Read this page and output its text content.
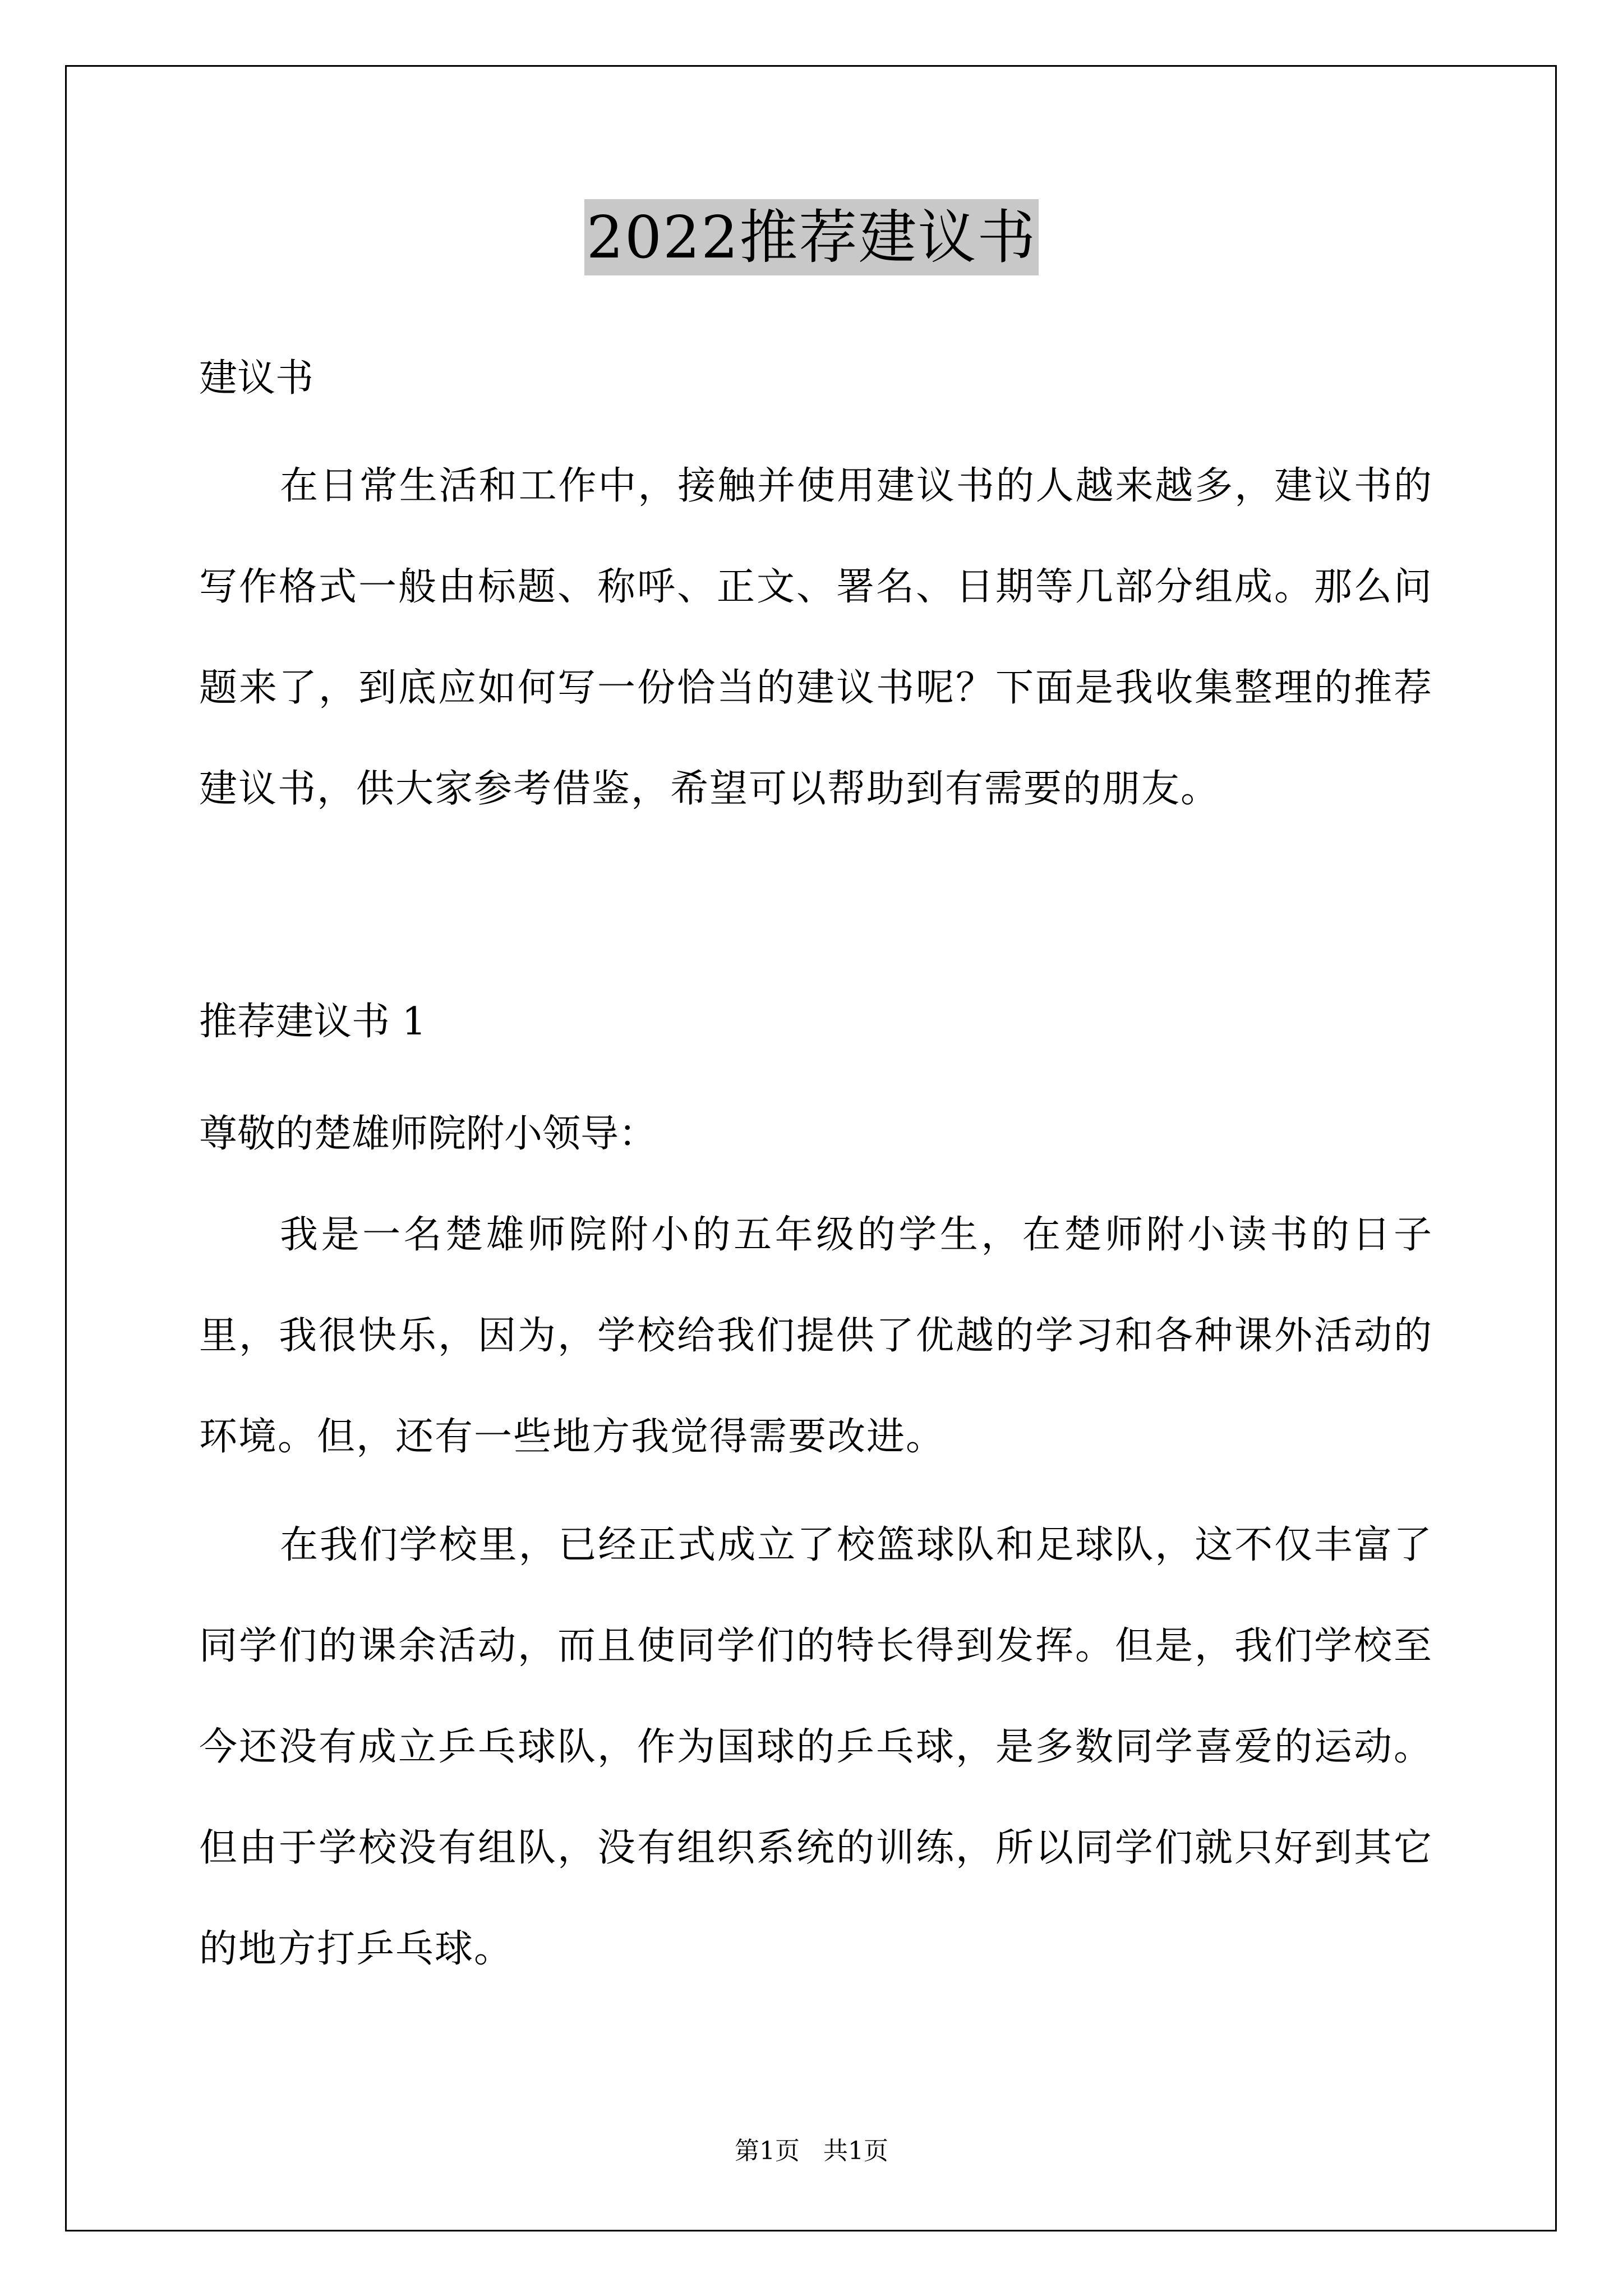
2022推荐建议书

建议书

在日常生活和工作中，接触并使用建议书的人越来越多，建议书的写作格式一般由标题、称呼、正文、署名、日期等几部分组成。那么问题来了，到底应如何写一份恰当的建议书呢？下面是我收集整理的推荐建议书，供大家参考借鉴，希望可以帮助到有需要的朋友。

推荐建议书 1

尊敬的楚雄师院附小领导：

我是一名楚雄师院附小的五年级的学生，在楚师附小读书的日子里，我很快乐，因为，学校给我们提供了优越的学习和各种课外活动的环境。但，还有一些地方我觉得需要改进。

在我们学校里，已经正式成立了校篮球队和足球队，这不仅丰富了同学们的课余活动，而且使同学们的特长得到发挥。但是，我们学校至今还没有成立乒乓球队，作为国球的乒乓球，是多数同学喜爱的运动。但由于学校没有组队，没有组织系统的训练，所以同学们就只好到其它的地方打乒乓球。

第1页   共1页
